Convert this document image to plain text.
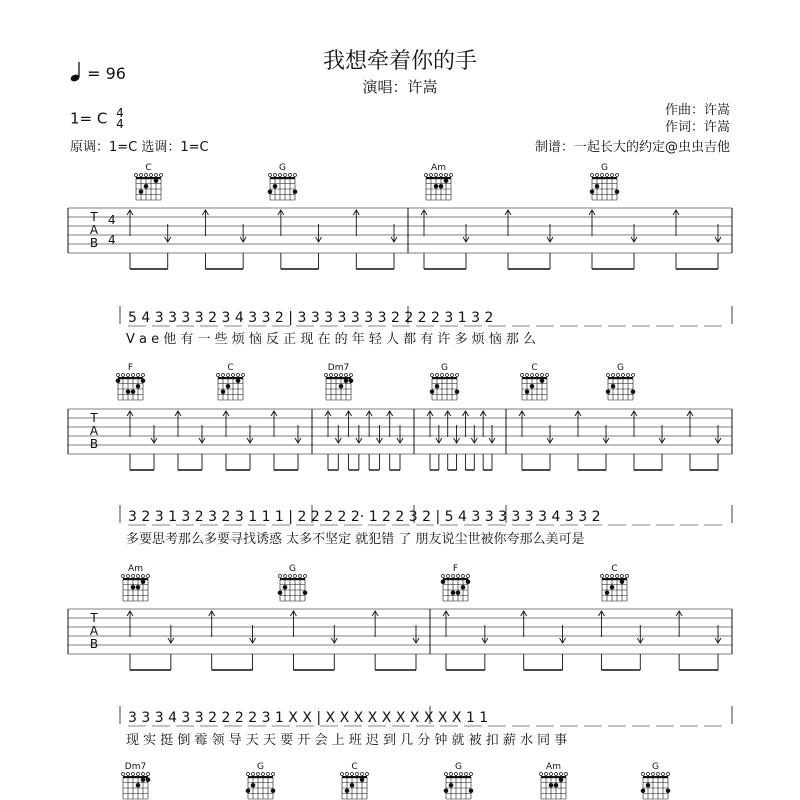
我想牵着你的手
演唱：许嵩
= 96
1= C 4
4
原调：1=C 选调：1=C
作曲：许嵩
作词：许嵩
制谱：一起长大的约定@虫虫吉他
C	G	Am	G
T
A
B
4
4
5 4 3 3 3 3 2 3 4 3 3 2 | 3 3 3 3 3 3 3 2 2 2 2 3 1 3 2
V a e 他 有 一 些 烦 恼 反 正 现 在 的 年 轻 人 都 有 许 多 烦 恼 那 么
F	C	Dm7	G	C	G
T
A
B
3 2 3 1 3 2 3 2 3 1 1 1 | 2 2 2 2 2· 1 2 2 3 2 | 5 4 3 3 3 3 3 3 4 3 3 2
多要思考那么多要寻找诱惑 太多不坚定 就犯错 了 朋友说尘世被你夸那么美可是
Am	G	F	C
T
A
B
3 3 3 4 3 3 2 2 2 2 3 1 X X | X X X X X X X X X X 1 1
现 实 挺 倒 霉 领 导 天 天 要 开 会 上 班 迟 到 几 分 钟 就 被 扣 薪 水 同 事
Dm7	G	C	G	Am	G
